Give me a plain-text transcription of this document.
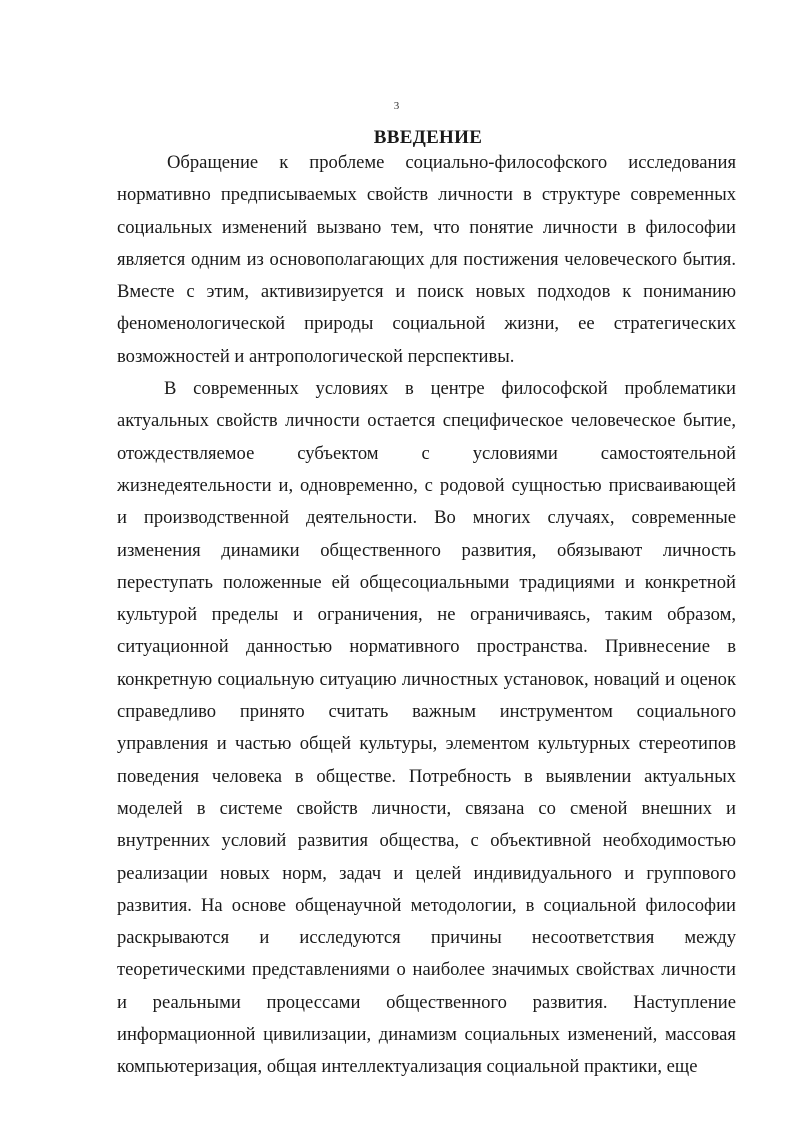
3
ВВЕДЕНИЕ

Обращение к проблеме социально-философского исследования нормативно предписываемых свойств личности в структуре современных социальных изменений вызвано тем, что понятие личности в философии является одним из основополагающих для постижения человеческого бытия. Вместе с этим, активизируется и поиск новых подходов к пониманию феноменологической природы социальной жизни, ее стратегических возможностей и антропологической перспективы.

В современных условиях в центре философской проблематики актуальных свойств личности остается специфическое человеческое бытие, отождествляемое субъектом с условиями самостоятельной жизнедеятельности и, одновременно, с родовой сущностью присваивающей и производственной деятельности. Во многих случаях, современные изменения динамики общественного развития, обязывают личность переступать положенные ей общесоциальными традициями и конкретной культурой пределы и ограничения, не ограничиваясь, таким образом, ситуационной данностью нормативного пространства. Привнесение в конкретную социальную ситуацию личностных установок, новаций и оценок справедливо принято считать важным инструментом социального управления и частью общей культуры, элементом культурных стереотипов поведения человека в обществе. Потребность в выявлении актуальных моделей в системе свойств личности, связана со сменой внешних и внутренних условий развития общества, с объективной необходимостью реализации новых норм, задач и целей индивидуального и группового развития. На основе общенаучной методологии, в социальной философии раскрываются и исследуются причины несоответствия между теоретическими представлениями о наиболее значимых свойствах личности и реальными процессами общественного развития. Наступление информационной цивилизации, динамизм социальных изменений, массовая компьютеризация, общая интеллектуализация социальной практики, еще
